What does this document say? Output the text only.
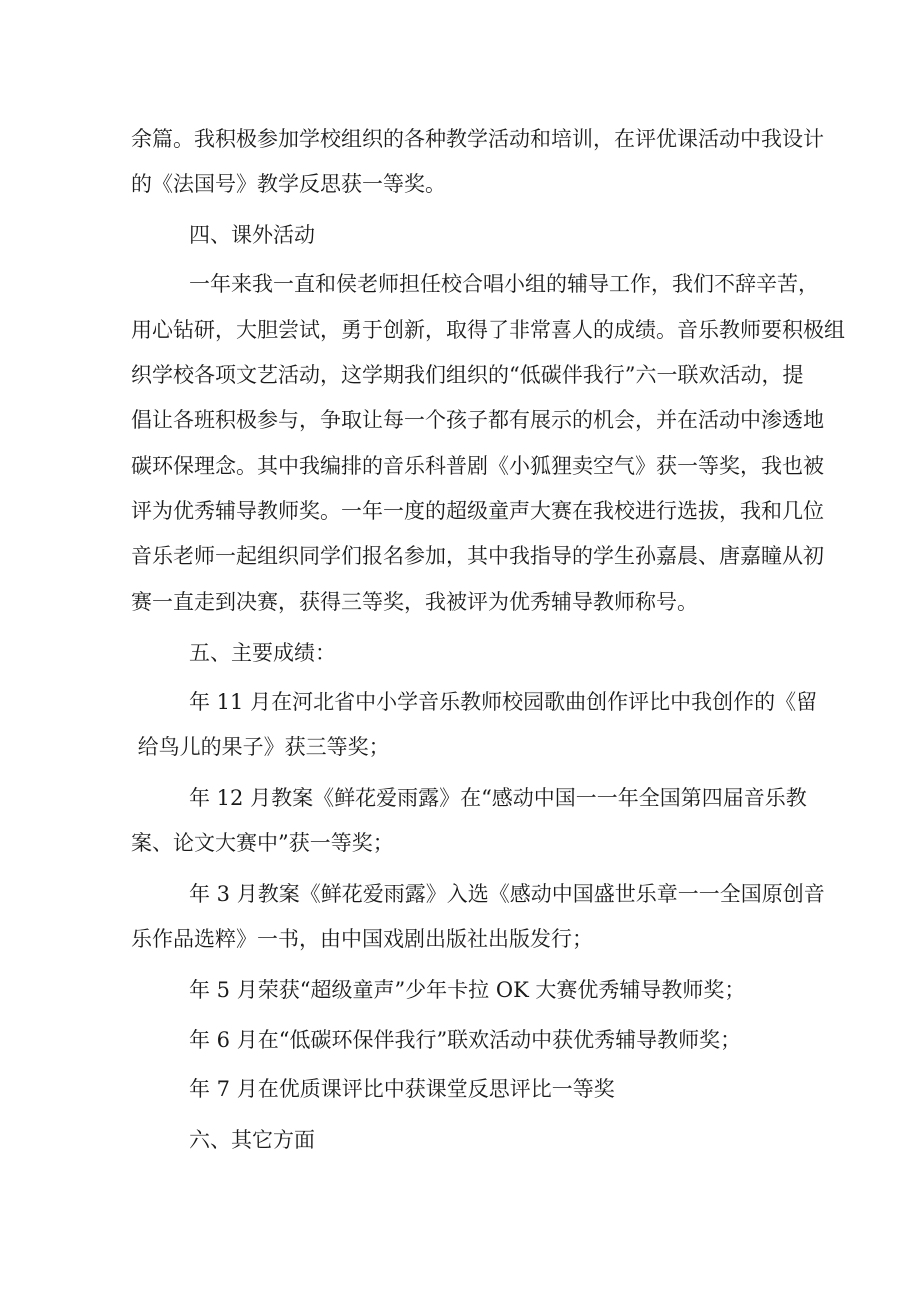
余篇。我积极参加学校组织的各种教学活动和培训，在评优课活动中我设计
的《法国号》教学反思获一等奖。
四、课外活动
一年来我一直和侯老师担任校合唱小组的辅导工作，我们不辞辛苦，
用心钻研，大胆尝试，勇于创新，取得了非常喜人的成绩。音乐教师要积极组
织学校各项文艺活动，这学期我们组织的“低碳伴我行”六一联欢活动，提
倡让各班积极参与，争取让每一个孩子都有展示的机会，并在活动中渗透地
碳环保理念。其中我编排的音乐科普剧《小狐狸卖空气》获一等奖，我也被
评为优秀辅导教师奖。一年一度的超级童声大赛在我校进行选拔，我和几位
音乐老师一起组织同学们报名参加，其中我指导的学生孙嘉晨、唐嘉瞳从初
赛一直走到决赛，获得三等奖，我被评为优秀辅导教师称号。
五、主要成绩：
年 11 月在河北省中小学音乐教师校园歌曲创作评比中我创作的《留
给鸟儿的果子》获三等奖；
年 12 月教案《鲜花爱雨露》在“感动中国一一年全国第四届音乐教
案、论文大赛中”获一等奖；
年 3 月教案《鲜花爱雨露》入选《感动中国盛世乐章一一全国原创音
乐作品选粹》一书，由中国戏剧出版社出版发行；
年 5 月荣获“超级童声”少年卡拉 OK 大赛优秀辅导教师奖；
年 6 月在“低碳环保伴我行”联欢活动中获优秀辅导教师奖；
年 7 月在优质课评比中获课堂反思评比一等奖
六、其它方面
